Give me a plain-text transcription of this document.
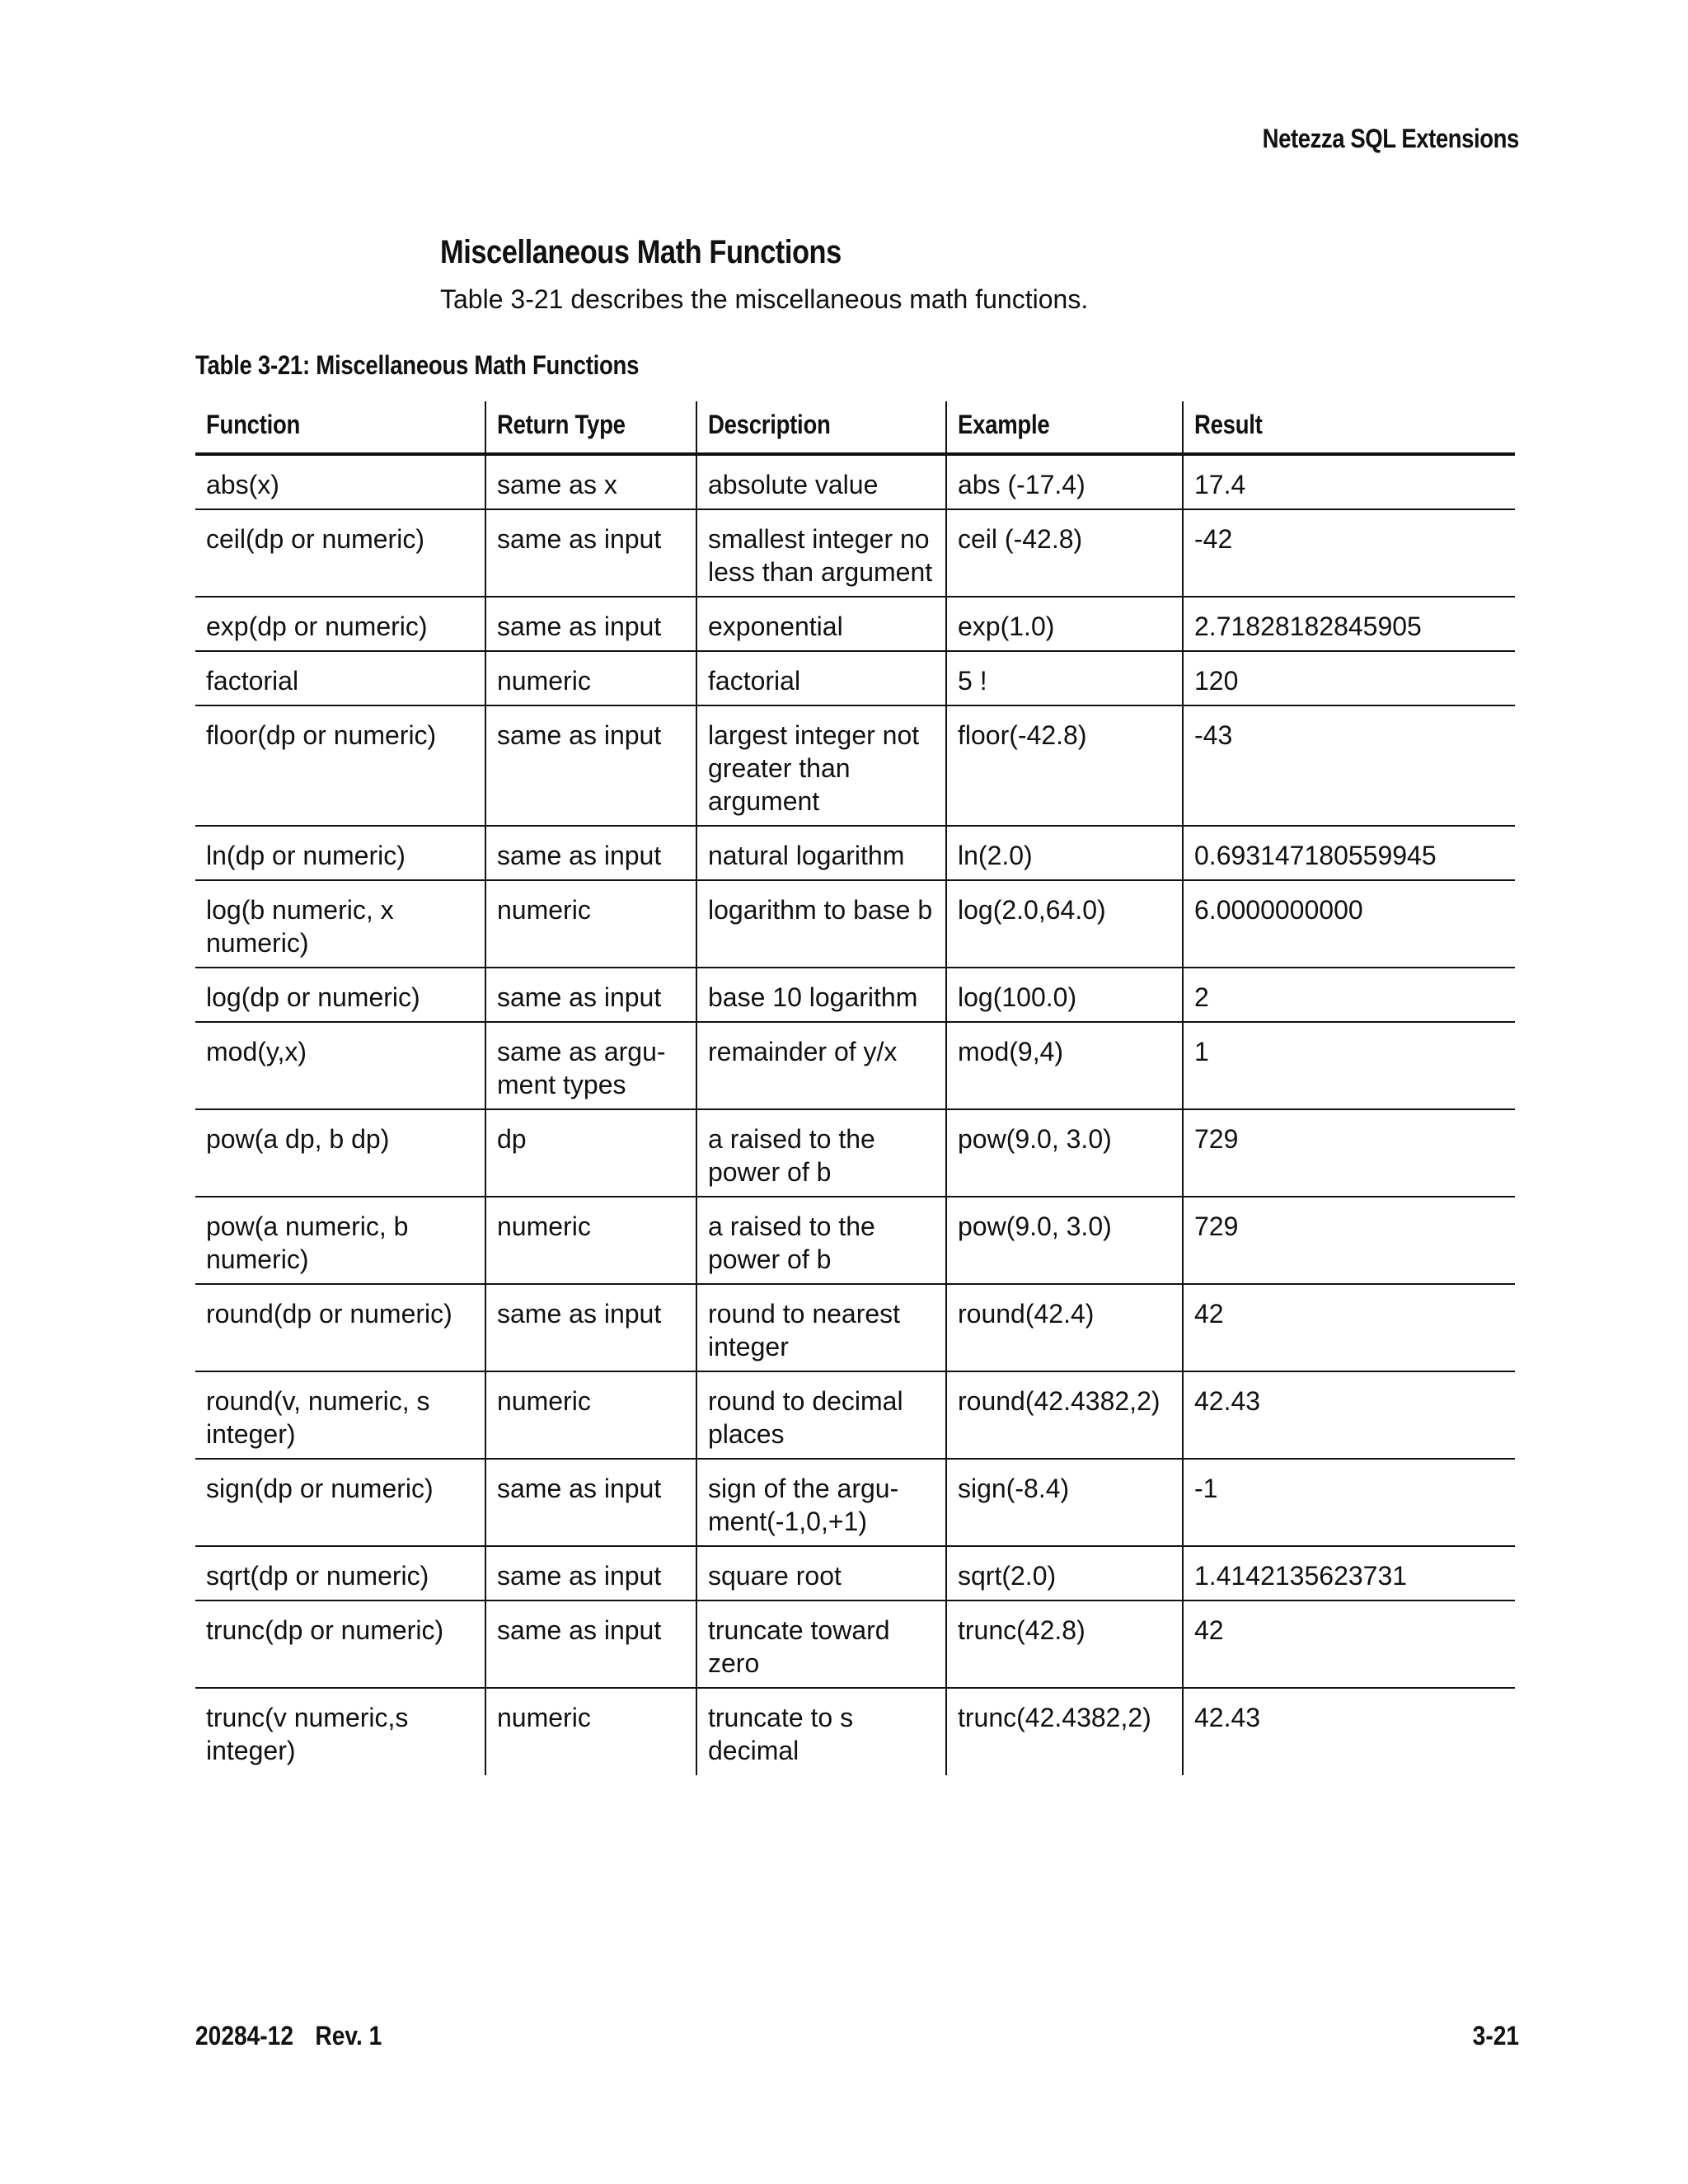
Netezza SQL Extensions
Miscellaneous Math Functions
Table 3-21 describes the miscellaneous math functions.
Table 3-21: Miscellaneous Math Functions
Function	Return Type	Description	Example	Result
abs(x)	same as x	absolute value	abs (-17.4)	17.4
ceil(dp or numeric)	same as input	smallest integer no less than argument	ceil (-42.8)	-42
exp(dp or numeric)	same as input	exponential	exp(1.0)	2.71828182845905
factorial	numeric	factorial	5 !	120
floor(dp or numeric)	same as input	largest integer not greater than argument	floor(-42.8)	-43
ln(dp or numeric)	same as input	natural logarithm	ln(2.0)	0.693147180559945
log(b numeric, x numeric)	numeric	logarithm to base b	log(2.0,64.0)	6.0000000000
log(dp or numeric)	same as input	base 10 logarithm	log(100.0)	2
mod(y,x)	same as argu-ment types	remainder of y/x	mod(9,4)	1
pow(a dp, b dp)	dp	a raised to the power of b	pow(9.0, 3.0)	729
pow(a numeric, b numeric)	numeric	a raised to the power of b	pow(9.0, 3.0)	729
round(dp or numeric)	same as input	round to nearest integer	round(42.4)	42
round(v, numeric, s integer)	numeric	round to decimal places	round(42.4382,2)	42.43
sign(dp or numeric)	same as input	sign of the argu-ment(-1,0,+1)	sign(-8.4)	-1
sqrt(dp or numeric)	same as input	square root	sqrt(2.0)	1.4142135623731
trunc(dp or numeric)	same as input	truncate toward zero	trunc(42.8)	42
trunc(v numeric,s integer)	numeric	truncate to s decimal	trunc(42.4382,2)	42.43
20284-12 Rev. 1	3-21
